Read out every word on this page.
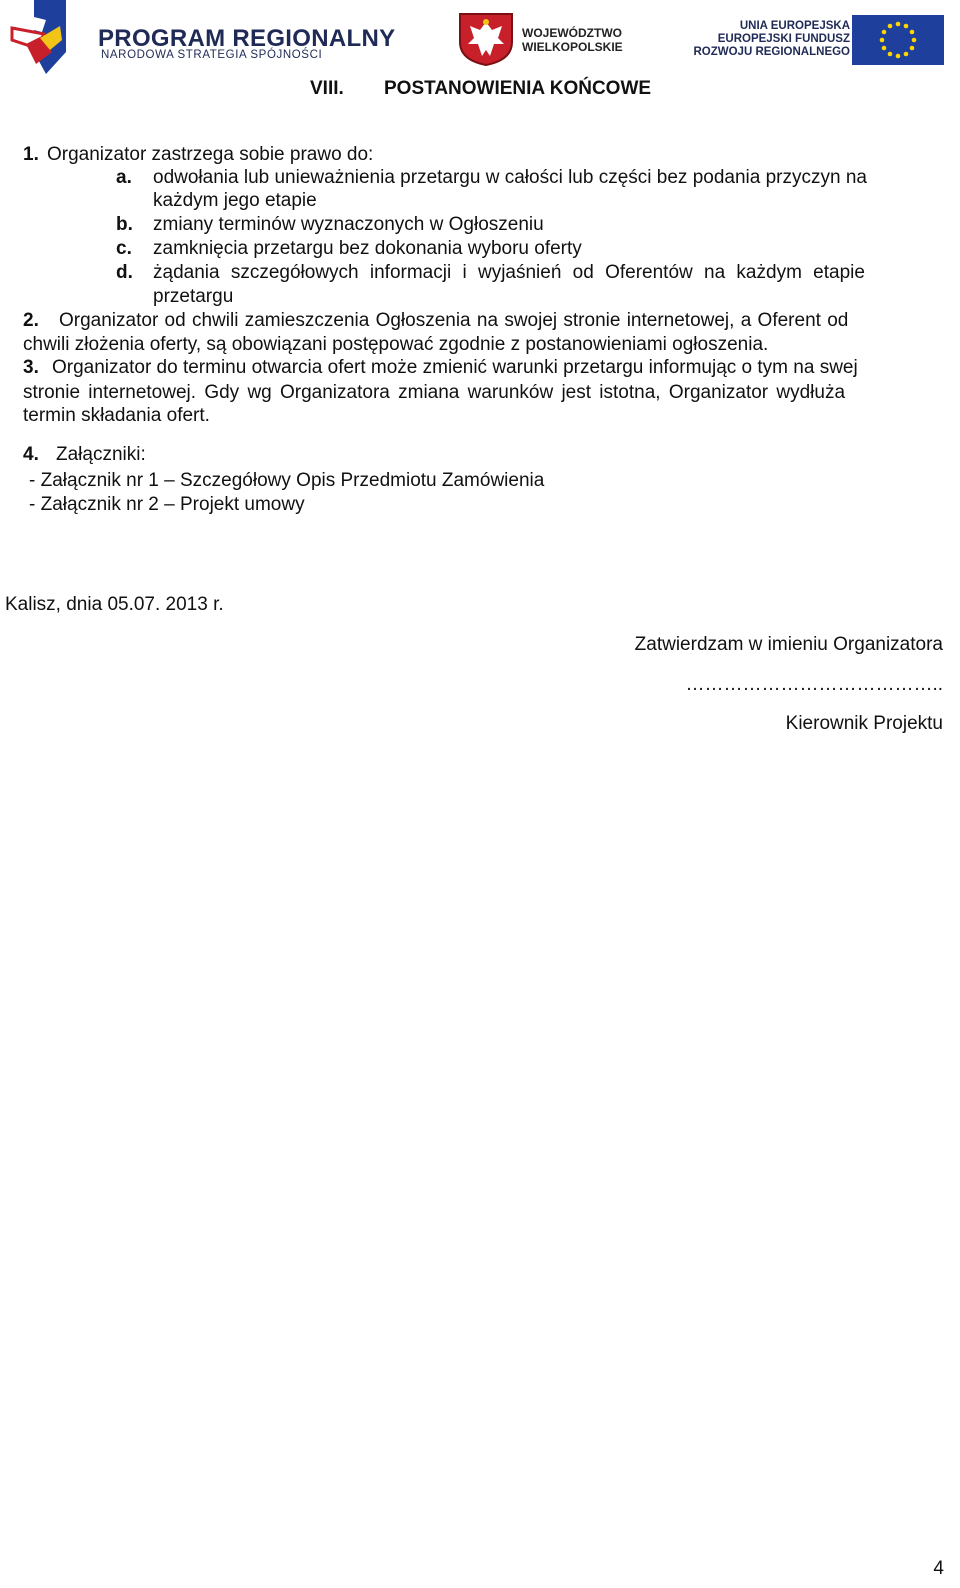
PROGRAM REGIONALNY
NARODOWA STRATEGIA SPÓJNOŚCI
WOJEWÓDZTWO
WIELKOPOLSKIE
UNIA EUROPEJSKA
EUROPEJSKI FUNDUSZ
ROZWOJU REGIONALNEGO
VIII. POSTANOWIENIA KOŃCOWE
1. Organizator zastrzega sobie prawo do:
a. odwołania lub unieważnienia przetargu w całości lub części bez podania przyczyn na
każdym jego etapie
b. zmiany terminów wyznaczonych w Ogłoszeniu
c. zamknięcia przetargu bez dokonania wyboru oferty
d. żądania szczegółowych informacji i wyjaśnień od Oferentów na każdym etapie
przetargu
2. Organizator od chwili zamieszczenia Ogłoszenia na swojej stronie internetowej, a Oferent od
chwili złożenia oferty, są obowiązani postępować zgodnie z postanowieniami ogłoszenia.
3. Organizator do terminu otwarcia ofert może zmienić warunki przetargu informując o tym na swej
stronie internetowej. Gdy wg Organizatora zmiana warunków jest istotna, Organizator wydłuża
termin składania ofert.
4. Załączniki:
- Załącznik nr 1 – Szczegółowy Opis Przedmiotu Zamówienia
- Załącznik nr 2 – Projekt umowy
Kalisz, dnia 05.07. 2013 r.
Zatwierdzam w imieniu Organizatora
…………………………………..
Kierownik Projektu
4
